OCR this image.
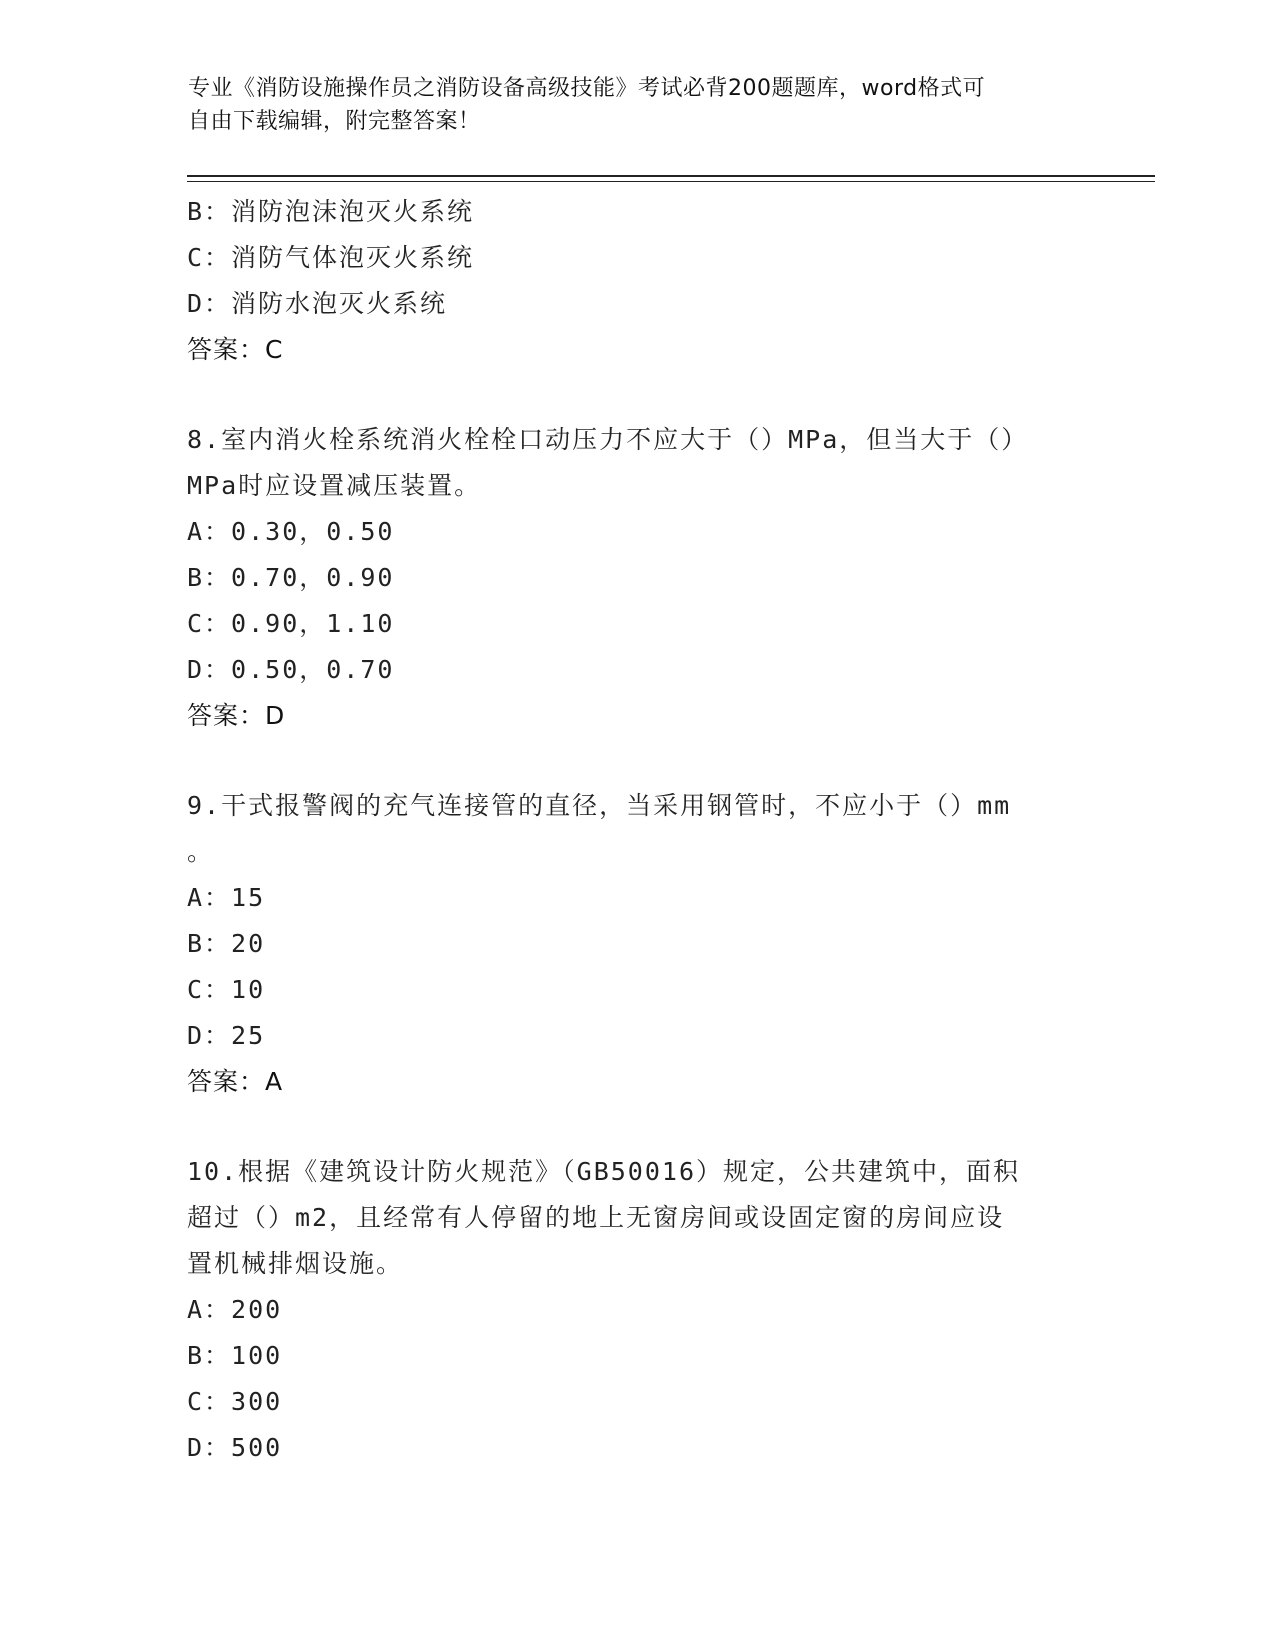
专业《消防设施操作员之消防设备高级技能》考试必背200题题库，word格式可
自由下载编辑，附完整答案！
B：消防泡沫泡灭火系统
C：消防气体泡灭火系统
D：消防水泡灭火系统
答案：C
8.室内消火栓系统消火栓栓口动压力不应大于（）MPa，但当大于（）
MPa时应设置减压装置。
A：0.30，0.50
B：0.70，0.90
C：0.90，1.10
D：0.50，0.70
答案：D
9.干式报警阀的充气连接管的直径，当采用钢管时，不应小于（）mm
。
A：15
B：20
C：10
D：25
答案：A
10.根据《建筑设计防火规范》（GB50016）规定，公共建筑中，面积
超过（）m2，且经常有人停留的地上无窗房间或设固定窗的房间应设
置机械排烟设施。
A：200
B：100
C：300
D：500
